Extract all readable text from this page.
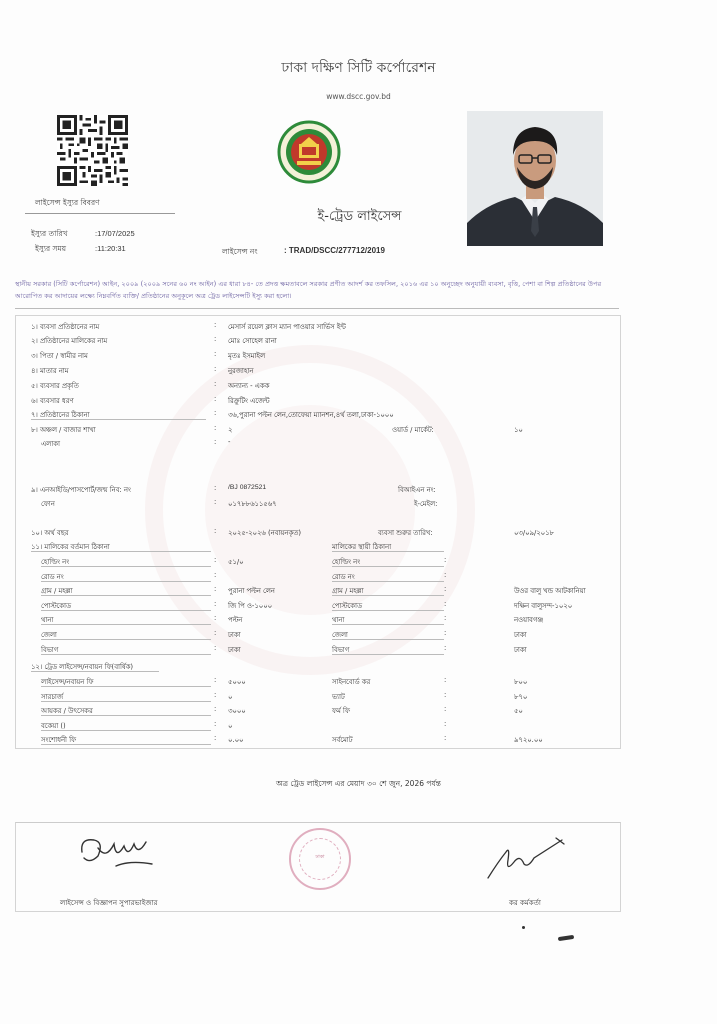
ঢাকা দক্ষিণ সিটি কর্পোরেশন
www.dscc.gov.bd
লাইসেন্স ইস্যুর বিবরণ
ইস্যুর তারিখ	:17/07/2025
ইস্যুর সময়	:11:20:31
ই-ট্রেড লাইসেন্স
লাইসেন্স নং	: TRAD/DSCC/277712/2019
স্থানীয় সরকার (সিটি কর্পোরেশন) আইন, ২০০৯ (২০০৯ সনের ৬০ নং আইন) এর ধারা ৮৪- তে প্রদত্ত ক্ষমতাবলে সরকার প্রণীত আদর্শ কর তফসিল, ২০১৬ এর ১০ অনুচ্ছেদ অনুযায়ী ব্যবসা, বৃত্তি, পেশা বা শিল্প প্রতিষ্ঠানের উপর আরোপিত কর আদায়ের লক্ষ্যে নিম্নবর্ণিত ব্যক্তি/ প্রতিষ্ঠানের অনুকূলে অত্র ট্রেড লাইসেন্সটি ইস্যু করা হলো।
১। ব্যবসা প্রতিষ্ঠানের নাম	: মেসার্স রয়েল ক্লাস ম্যান পাওয়ার সার্ভিস ইন্ট
২। প্রতিষ্ঠানের মালিকের নাম	: মোঃ সোহেল রানা
৩। পিতা / স্বামীর নাম	: মৃতঃ ইসমাইল
৪। মাতার নাম	: নুরজাহান
৫। ব্যবসার প্রকৃতি	: অন্যান্য - একক
৬। ব্যবসার ধরণ	: রিক্রুটিং এজেন্ট
৭। প্রতিষ্ঠানের ঠিকানা	: ৩৬,পুরানা পল্টন লেন,তোফেয়া ম্যানশন,৪র্থ তলা,ঢাকা-১০০০
৮। অঞ্চল / বাজার শাখা	: ২	ওয়ার্ড / মার্কেট:	১০
এলাকা	: -
৯। এনআইডি/পাসপোর্ট/জন্ম নিব: নং	: /BJ 0872521	বিআইএন নং:
ফোন	: ০১৭৮৮৬১১৫৬৭	ই-মেইল:
১০। অর্থ বছর	: ২০২৫-২০২৬ (নবায়নকৃত)	ব্যবসা শুরুর তারিখ:	০৩/০৯/২০১৮
১১। মালিকের বর্তমান ঠিকানা	মালিকের স্থায়ী ঠিকানা
হোল্ডিং নং	: ৫১/০	হোল্ডিং নং	:
রোড নং	:	রোড নং	:
গ্রাম / মহল্লা	: পুরানা পল্টন লেন	গ্রাম / মহল্লা	:	উওর বালু খন্ড আটকানিয়া
পোস্টকোড	: জি পি ও-১০০০	পোস্টকোড	:	দক্ষিন বালুসন্দ-১০২০
থানা	: পল্টন	থানা	:	নওয়াবগঞ্জ
জেলা	: ঢাকা	জেলা	:	ঢাকা
বিভাগ	: ঢাকা	বিভাগ	:	ঢাকা
১২। ট্রেড লাইসেন্স/নবায়ন ফি(বার্ষিক)
লাইসেন্স/নবায়ন ফি	: ৫০০০	সাইনবোর্ড কর	:	৮০০
সারচার্জ	: ০	ভ্যাট	:	৮৭০
আয়কর / উৎসেকর	: ৩০০০	ফর্ম ফি	:	৫০
বকেয়া ()	: ০	:
সংশোধনী ফি	: ০.০০	সর্বমোট	:	৯৭২০.০০
অত্র ট্রেড লাইসেন্স এর মেয়াদ ৩০ শে জুন, 2026 পর্যন্ত
ঢাকা
লাইসেন্স ও বিজ্ঞাপন সুপারভাইজার	কর কর্মকর্তা
